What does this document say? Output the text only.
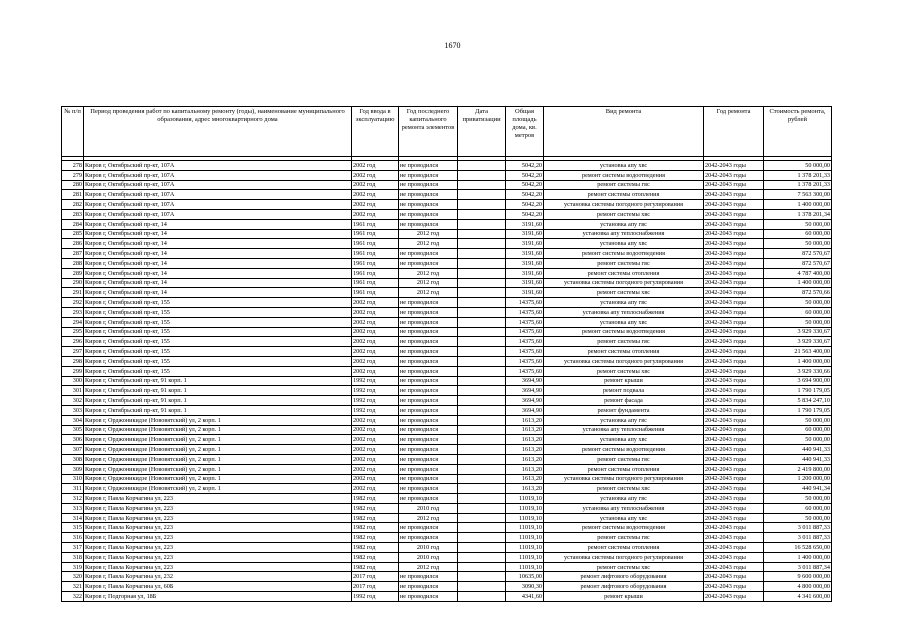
1670
№ п/п	Период проведения работ по капитальному ремонту (годы), наименование муниципального образования, адрес многоквартирного дома	Год ввода в эксплуатацию	Год последнего капитального ремонта элементов	Дата приватизации	Общая площадь дома, кв. метров	Вид ремонта	Год ремонта	Стоимость ремонта, рублей

278	Киров г, Октябрьский пр-кт, 107А	2002 год	не проводился		5042,20	установка апу хвс	2042-2043 годы	50 000,00
279	Киров г, Октябрьский пр-кт, 107А	2002 год	не проводился		5042,20	ремонт системы водоотведения	2042-2043 годы	1 378 201,33
280	Киров г, Октябрьский пр-кт, 107А	2002 год	не проводился		5042,20	ремонт системы гвс	2042-2043 годы	1 378 201,33
281	Киров г, Октябрьский пр-кт, 107А	2002 год	не проводился		5042,20	ремонт системы отопления	2042-2043 годы	7 563 300,00
282	Киров г, Октябрьский пр-кт, 107А	2002 год	не проводился		5042,20	установка системы погодного регулирования	2042-2043 годы	1 400 000,00
283	Киров г, Октябрьский пр-кт, 107А	2002 год	не проводился		5042,20	ремонт системы хвс	2042-2043 годы	1 378 201,34
284	Киров г, Октябрьский пр-кт, 14	1961 год	не проводился		3191,60	установка апу гвс	2042-2043 годы	50 000,00
285	Киров г, Октябрьский пр-кт, 14	1961 год	2012 год		3191,60	установка апу теплоснабжения	2042-2043 годы	60 000,00
286	Киров г, Октябрьский пр-кт, 14	1961 год	2012 год		3191,60	установка апу хвс	2042-2043 годы	50 000,00
287	Киров г, Октябрьский пр-кт, 14	1961 год	не проводился		3191,60	ремонт системы водоотведения	2042-2043 годы	872 570,67
288	Киров г, Октябрьский пр-кт, 14	1961 год	не проводился		3191,60	ремонт системы гвс	2042-2043 годы	872 570,67
289	Киров г, Октябрьский пр-кт, 14	1961 год	2012 год		3191,60	ремонт системы отопления	2042-2043 годы	4 787 400,00
290	Киров г, Октябрьский пр-кт, 14	1961 год	2012 год		3191,60	установка системы погодного регулирования	2042-2043 годы	1 400 000,00
291	Киров г, Октябрьский пр-кт, 14	1961 год	2012 год		3191,60	ремонт системы хвс	2042-2043 годы	872 570,66
292	Киров г, Октябрьский пр-кт, 155	2002 год	не проводился		14375,60	установка апу гвс	2042-2043 годы	50 000,00
293	Киров г, Октябрьский пр-кт, 155	2002 год	не проводился		14375,60	установка апу теплоснабжения	2042-2043 годы	60 000,00
294	Киров г, Октябрьский пр-кт, 155	2002 год	не проводился		14375,60	установка апу хвс	2042-2043 годы	50 000,00
295	Киров г, Октябрьский пр-кт, 155	2002 год	не проводился		14375,60	ремонт системы водоотведения	2042-2043 годы	3 929 330,67
296	Киров г, Октябрьский пр-кт, 155	2002 год	не проводился		14375,60	ремонт системы гвс	2042-2043 годы	3 929 330,67
297	Киров г, Октябрьский пр-кт, 155	2002 год	не проводился		14375,60	ремонт системы отопления	2042-2043 годы	21 563 400,00
298	Киров г, Октябрьский пр-кт, 155	2002 год	не проводился		14375,60	установка системы погодного регулирования	2042-2043 годы	1 400 000,00
299	Киров г, Октябрьский пр-кт, 155	2002 год	не проводился		14375,60	ремонт системы хвс	2042-2043 годы	3 929 330,66
300	Киров г, Октябрьский пр-кт, 91 корп. 1	1992 год	не проводился		3694,90	ремонт крыши	2042-2043 годы	3 694 900,00
301	Киров г, Октябрьский пр-кт, 91 корп. 1	1992 год	не проводился		3694,90	ремонт подвала	2042-2043 годы	1 790 179,05
302	Киров г, Октябрьский пр-кт, 91 корп. 1	1992 год	не проводился		3694,90	ремонт фасада	2042-2043 годы	5 834 247,10
303	Киров г, Октябрьский пр-кт, 91 корп. 1	1992 год	не проводился		3694,90	ремонт фундамента	2042-2043 годы	1 790 179,05
304	Киров г, Орджоникидзе (Нововятский) ул, 2 корп. 1	2002 год	не проводился		1613,20	установка апу гвс	2042-2043 годы	50 000,00
305	Киров г, Орджоникидзе (Нововятский) ул, 2 корп. 1	2002 год	не проводился		1613,20	установка апу теплоснабжения	2042-2043 годы	60 000,00
306	Киров г, Орджоникидзе (Нововятский) ул, 2 корп. 1	2002 год	не проводился		1613,20	установка апу хвс	2042-2043 годы	50 000,00
307	Киров г, Орджоникидзе (Нововятский) ул, 2 корп. 1	2002 год	не проводился		1613,20	ремонт системы водоотведения	2042-2043 годы	440 941,33
308	Киров г, Орджоникидзе (Нововятский) ул, 2 корп. 1	2002 год	не проводился		1613,20	ремонт системы гвс	2042-2043 годы	440 941,33
309	Киров г, Орджоникидзе (Нововятский) ул, 2 корп. 1	2002 год	не проводился		1613,20	ремонт системы отопления	2042-2043 годы	2 419 800,00
310	Киров г, Орджоникидзе (Нововятский) ул, 2 корп. 1	2002 год	не проводился		1613,20	установка системы погодного регулирования	2042-2043 годы	1 200 000,00
311	Киров г, Орджоникидзе (Нововятский) ул, 2 корп. 1	2002 год	не проводился		1613,20	ремонт системы хвс	2042-2043 годы	440 941,34
312	Киров г, Павла Корчагина ул, 223	1982 год	не проводился		11019,10	установка апу гвс	2042-2043 годы	50 000,00
313	Киров г, Павла Корчагина ул, 223	1982 год	2010 год		11019,10	установка апу теплоснабжения	2042-2043 годы	60 000,00
314	Киров г, Павла Корчагина ул, 223	1982 год	2012 год		11019,10	установка апу хвс	2042-2043 годы	50 000,00
315	Киров г, Павла Корчагина ул, 223	1982 год	не проводился		11019,10	ремонт системы водоотведения	2042-2043 годы	3 011 887,33
316	Киров г, Павла Корчагина ул, 223	1982 год	не проводился		11019,10	ремонт системы гвс	2042-2043 годы	3 011 887,33
317	Киров г, Павла Корчагина ул, 223	1982 год	2010 год		11019,10	ремонт системы отопления	2042-2043 годы	16 528 650,00
318	Киров г, Павла Корчагина ул, 223	1982 год	2010 год		11019,10	установка системы погодного регулирования	2042-2043 годы	1 400 000,00
319	Киров г, Павла Корчагина ул, 223	1982 год	2012 год		11019,10	ремонт системы хвс	2042-2043 годы	3 011 887,34
320	Киров г, Павла Корчагина ул, 232	2017 год	не проводился		10635,00	ремонт лифтового оборудования	2042-2043 годы	9 600 000,00
321	Киров г, Павла Корчагина ул, 60Б	2017 год	не проводился		3090,30	ремонт лифтового оборудования	2042-2043 годы	4 800 000,00
322	Киров г, Подгорная ул, 18Б	1992 год	не проводился		4341,60	ремонт крыши	2042-2043 годы	4 341 600,00
